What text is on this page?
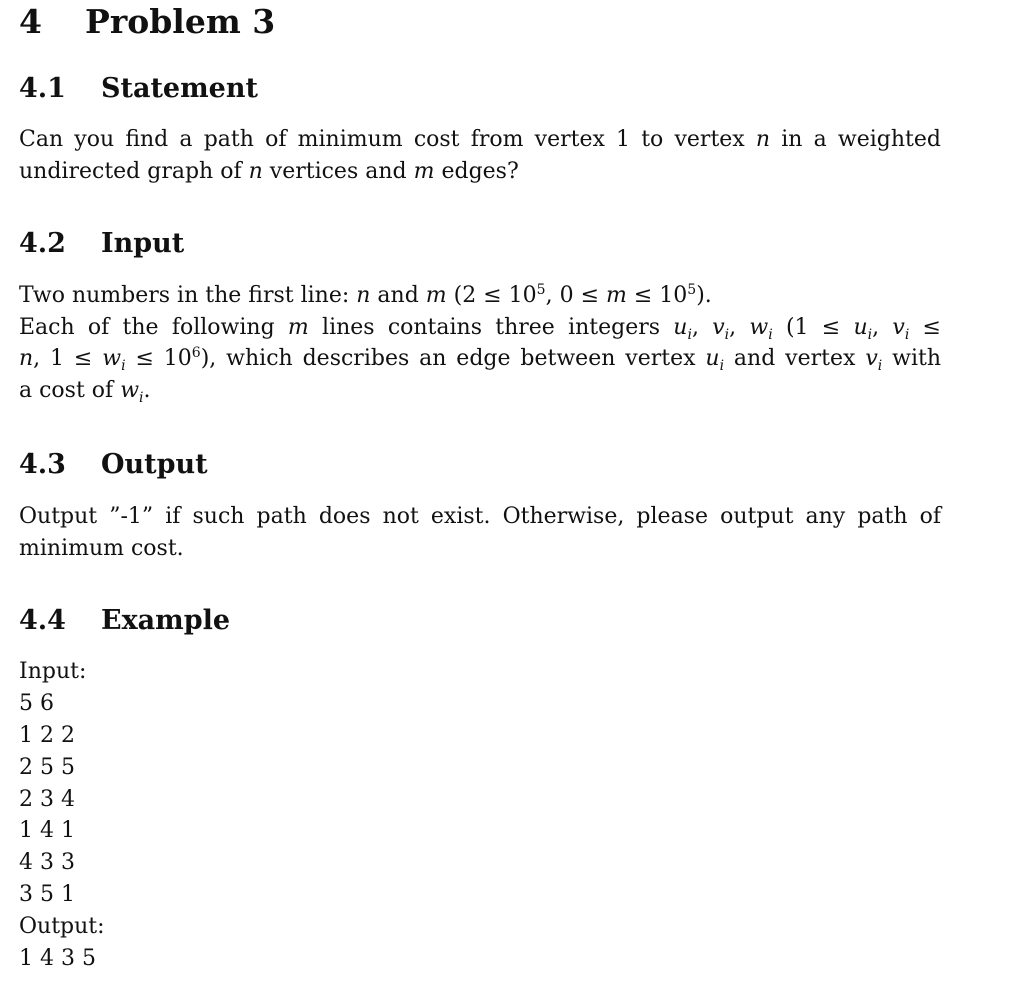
4 Problem 3
4.1 Statement
Can you find a path of minimum cost from vertex 1 to vertex n in a weighted
undirected graph of n vertices and m edges?
4.2 Input
Two numbers in the first line: n and m ($2 \le 10^5$, $0 \le m \le 10^5$).
Each of the following m lines contains three integers $u_i$, $v_i$, $w_i$ ($1 \le u_i$, $v_i$ ≤
n, $1 \le w_i \le 10^6$), which describes an edge between vertex $u_i$ and vertex $v_i$ with
a cost of $w_i$.
4.3 Output
Output ”-1” if such path does not exist. Otherwise, please output any path of
minimum cost.
4.4 Example
Input:
5 6
1 2 2
2 5 5
2 3 4
1 4 1
4 3 3
3 5 1
Output:
1 4 3 5
